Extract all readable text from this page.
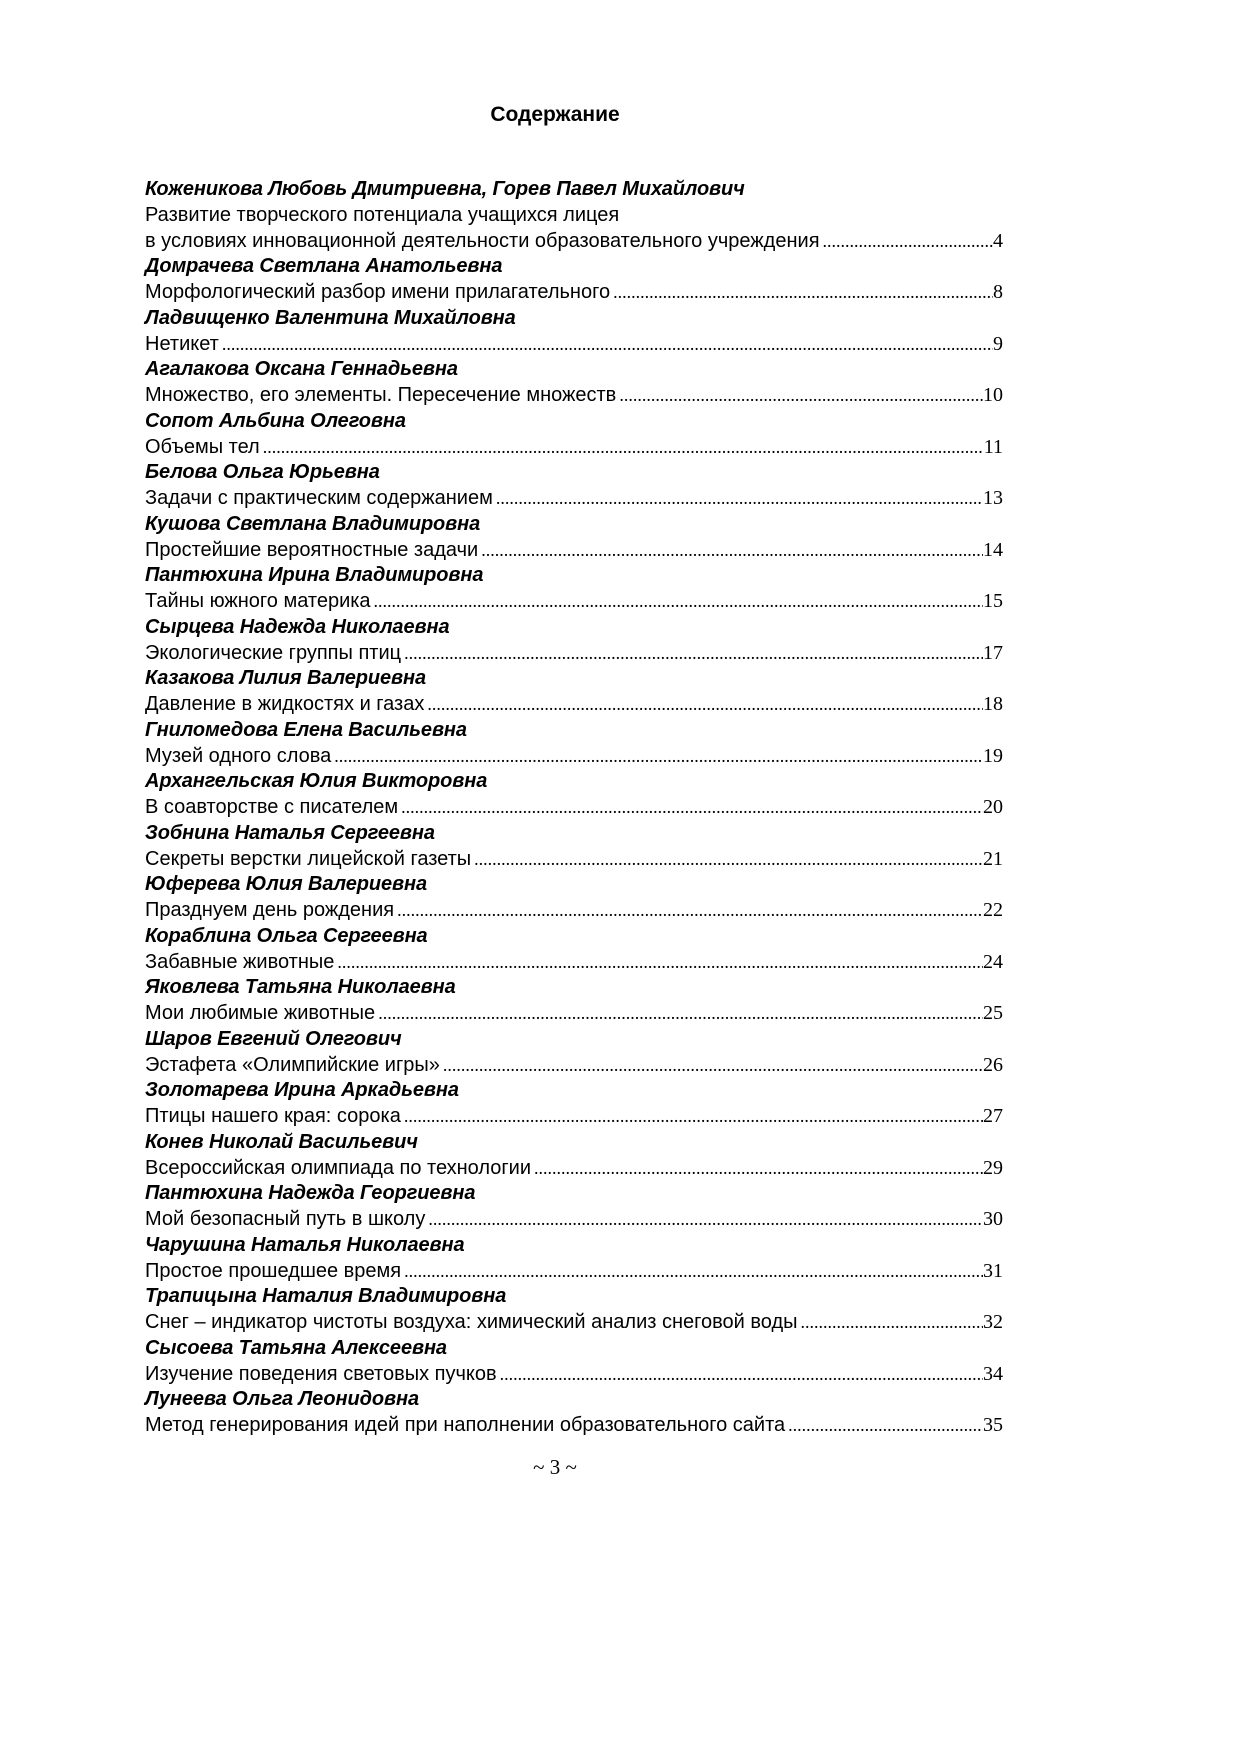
Содержание
Коженикова Любовь Дмитриевна, Горев Павел Михайлович
Развитие творческого потенциала учащихся лицея
в условиях инновационной деятельности образовательного учреждения .....	4
Домрачева Светлана Анатольевна
Морфологический разбор имени прилагательного .....	8
Ладвищенко Валентина Михайловна
Нетикет .....	9
Агалакова Оксана Геннадьевна
Множество, его элементы. Пересечение множеств .....	10
Сопот Альбина Олеговна
Объемы тел .....	11
Белова Ольга Юрьевна
Задачи с практическим содержанием .....	13
Кушова Светлана Владимировна
Простейшие вероятностные задачи .....	14
Пантюхина Ирина Владимировна
Тайны южного материка .....	15
Сырцева Надежда Николаевна
Экологические группы птиц .....	17
Казакова Лилия Валериевна
Давление в жидкостях и газах .....	18
Гниломедова Елена Васильевна
Музей одного слова .....	19
Архангельская Юлия Викторовна
В соавторстве с писателем .....	20
Зобнина Наталья Сергеевна
Секреты верстки лицейской газеты .....	21
Юферева Юлия Валериевна
Празднуем день рождения .....	22
Кораблина Ольга Сергеевна
Забавные животные .....	24
Яковлева Татьяна Николаевна
Мои любимые животные .....	25
Шаров Евгений Олегович
Эстафета «Олимпийские игры» .....	26
Золотарева Ирина Аркадьевна
Птицы нашего края: сорока .....	27
Конев Николай Васильевич
Всероссийская олимпиада по технологии .....	29
Пантюхина Надежда Георгиевна
Мой безопасный путь в школу .....	30
Чарушина Наталья Николаевна
Простое прошедшее время .....	31
Трапицына Наталия Владимировна
Снег – индикатор чистоты воздуха: химический анализ снеговой воды .....	32
Сысоева Татьяна Алексеевна
Изучение поведения световых пучков .....	34
Лунеева Ольга Леонидовна
Метод генерирования идей при наполнении образовательного сайта .....	35
~ 3 ~
